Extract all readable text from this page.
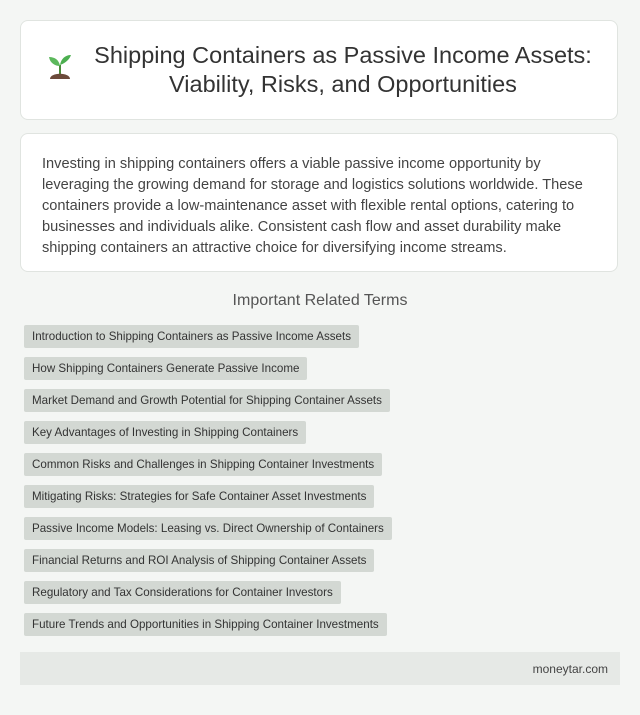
Shipping Containers as Passive Income Assets: Viability, Risks, and Opportunities

Investing in shipping containers offers a viable passive income opportunity by leveraging the growing demand for storage and logistics solutions worldwide. These containers provide a low-maintenance asset with flexible rental options, catering to businesses and individuals alike. Consistent cash flow and asset durability make shipping containers an attractive choice for diversifying income streams.

Important Related Terms
Introduction to Shipping Containers as Passive Income Assets
How Shipping Containers Generate Passive Income
Market Demand and Growth Potential for Shipping Container Assets
Key Advantages of Investing in Shipping Containers
Common Risks and Challenges in Shipping Container Investments
Mitigating Risks: Strategies for Safe Container Asset Investments
Passive Income Models: Leasing vs. Direct Ownership of Containers
Financial Returns and ROI Analysis of Shipping Container Assets
Regulatory and Tax Considerations for Container Investors
Future Trends and Opportunities in Shipping Container Investments
moneytar.com
